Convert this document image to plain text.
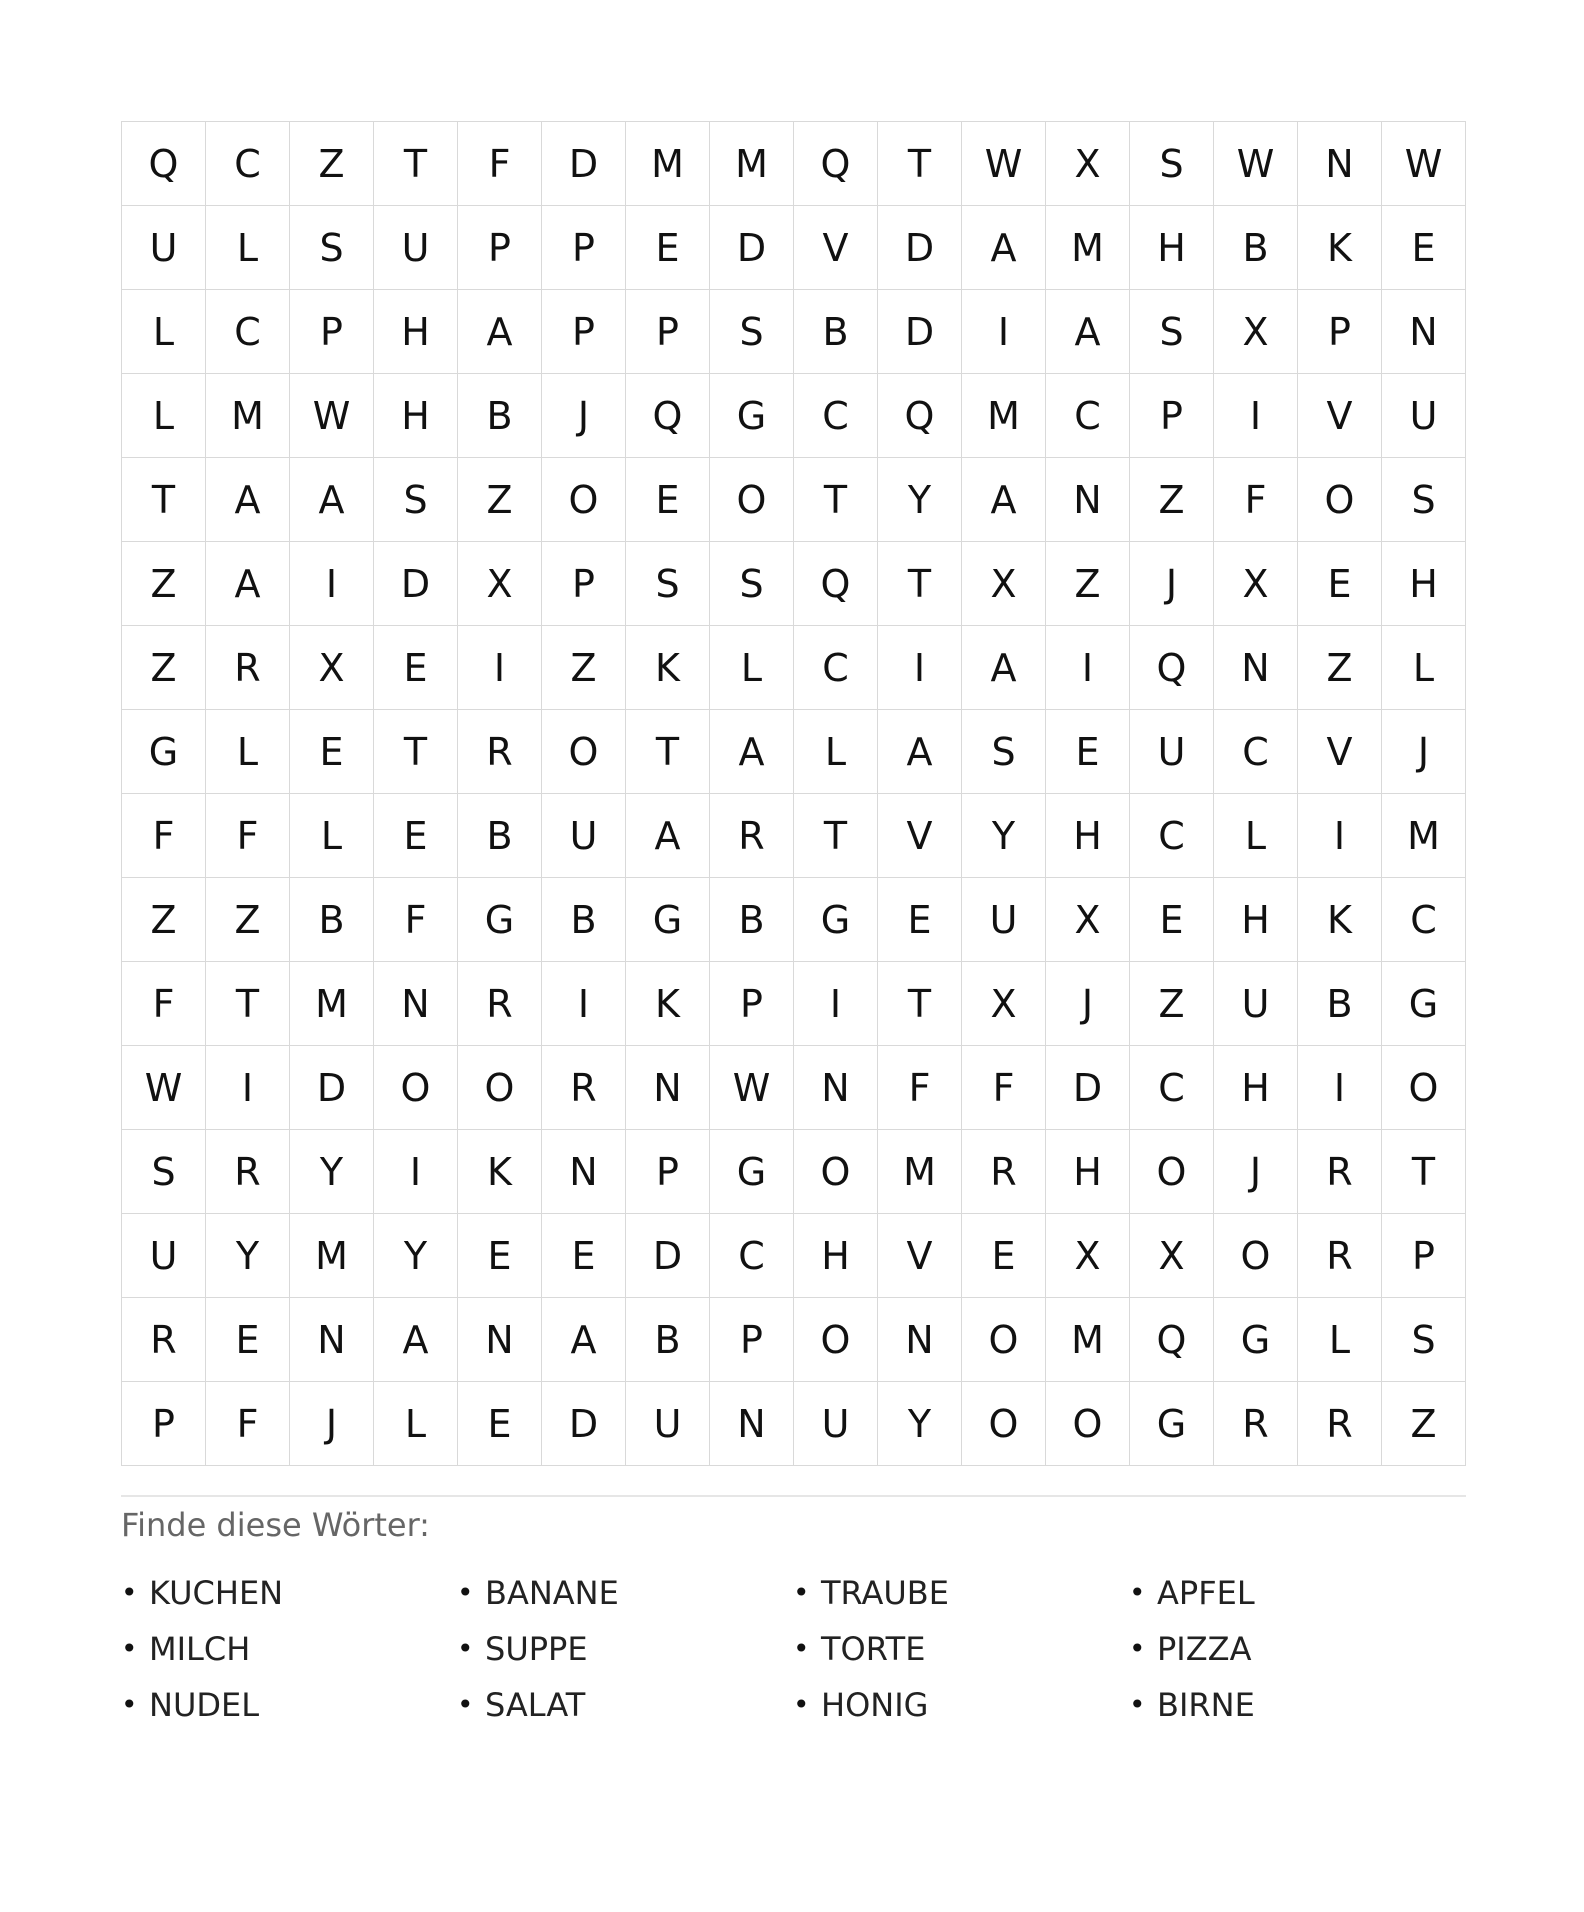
Q	C	Z	T	F	D	M	M	Q	T	W	X	S	W	N	W
U	L	S	U	P	P	E	D	V	D	A	M	H	B	K	E
L	C	P	H	A	P	P	S	B	D	I	A	S	X	P	N
L	M	W	H	B	J	Q	G	C	Q	M	C	P	I	V	U
T	A	A	S	Z	O	E	O	T	Y	A	N	Z	F	O	S
Z	A	I	D	X	P	S	S	Q	T	X	Z	J	X	E	H
Z	R	X	E	I	Z	K	L	C	I	A	I	Q	N	Z	L
G	L	E	T	R	O	T	A	L	A	S	E	U	C	V	J
F	F	L	E	B	U	A	R	T	V	Y	H	C	L	I	M
Z	Z	B	F	G	B	G	B	G	E	U	X	E	H	K	C
F	T	M	N	R	I	K	P	I	T	X	J	Z	U	B	G
W	I	D	O	O	R	N	W	N	F	F	D	C	H	I	O
S	R	Y	I	K	N	P	G	O	M	R	H	O	J	R	T
U	Y	M	Y	E	E	D	C	H	V	E	X	X	O	R	P
R	E	N	A	N	A	B	P	O	N	O	M	Q	G	L	S
P	F	J	L	E	D	U	N	U	Y	O	O	G	R	R	Z
Finde diese Wörter:
• KUCHEN	• BANANE	• TRAUBE	• APFEL
• MILCH	• SUPPE	• TORTE	• PIZZA
• NUDEL	• SALAT	• HONIG	• BIRNE
